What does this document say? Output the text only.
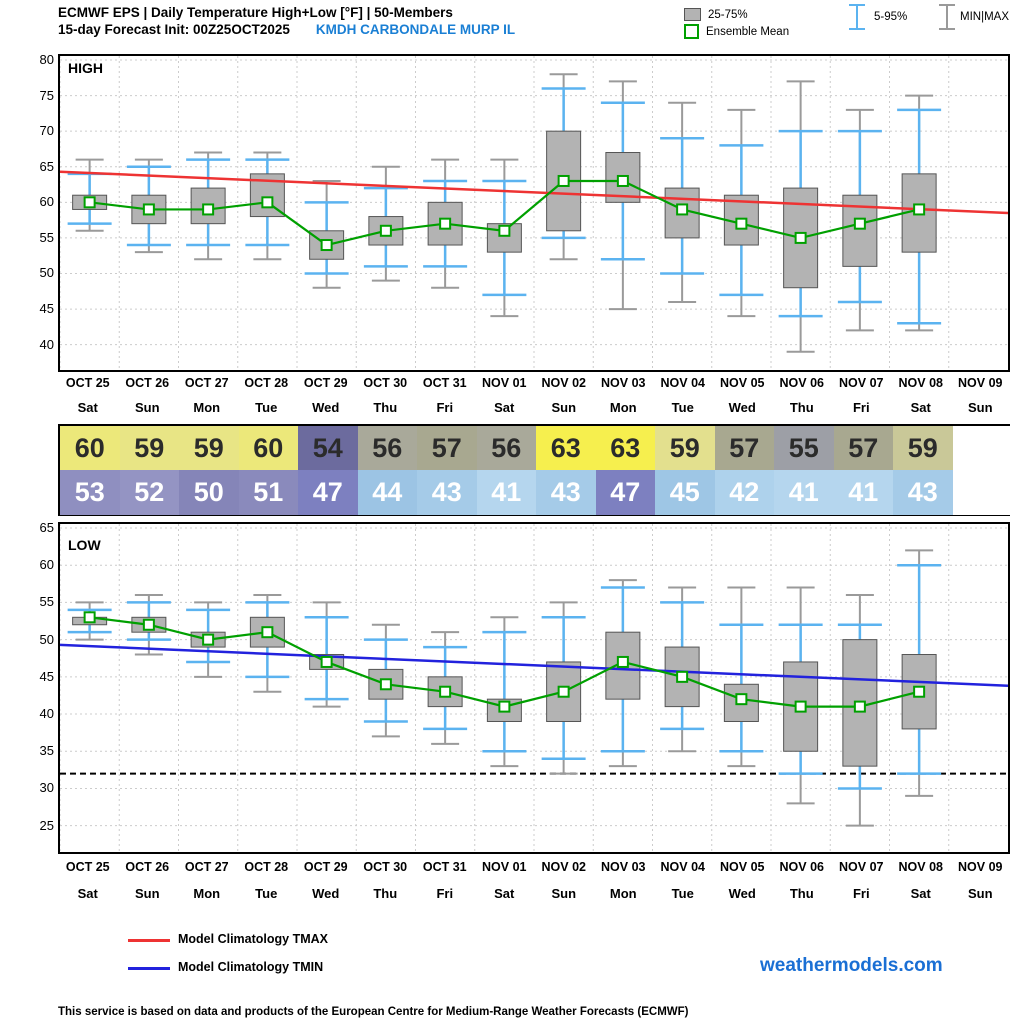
ECMWF EPS | Daily Temperature High+Low [°F] | 50-Members
15-day Forecast Init: 00Z25OCT2025 KMDH CARBONDALE MURP IL
25-75%
Ensemble Mean
5-95%	MIN|MAX
HIGH
40
45
50
55
60
65
70
75
80
OCT 25	OCT 26	OCT 27	OCT 28	OCT 29	OCT 30	OCT 31	NOV 01	NOV 02	NOV 03	NOV 04	NOV 05	NOV 06	NOV 07	NOV 08	NOV 09
Sat	Sun	Mon	Tue	Wed	Thu	Fri	Sat	Sun	Mon	Tue	Wed	Thu	Fri	Sat	Sun
60	59	59	60	54	56	57	56	63	63	59	57	55	57	59
53	52	50	51	47	44	43	41	43	47	45	42	41	41	43
LOW
25
30
35
40
45
50
55
60
65
OCT 25	OCT 26	OCT 27	OCT 28	OCT 29	OCT 30	OCT 31	NOV 01	NOV 02	NOV 03	NOV 04	NOV 05	NOV 06	NOV 07	NOV 08	NOV 09
Sat	Sun	Mon	Tue	Wed	Thu	Fri	Sat	Sun	Mon	Tue	Wed	Thu	Fri	Sat	Sun
Model Climatology TMAX
Model Climatology TMIN	weathermodels.com
This service is based on data and products of the European Centre for Medium-Range Weather Forecasts (ECMWF)
